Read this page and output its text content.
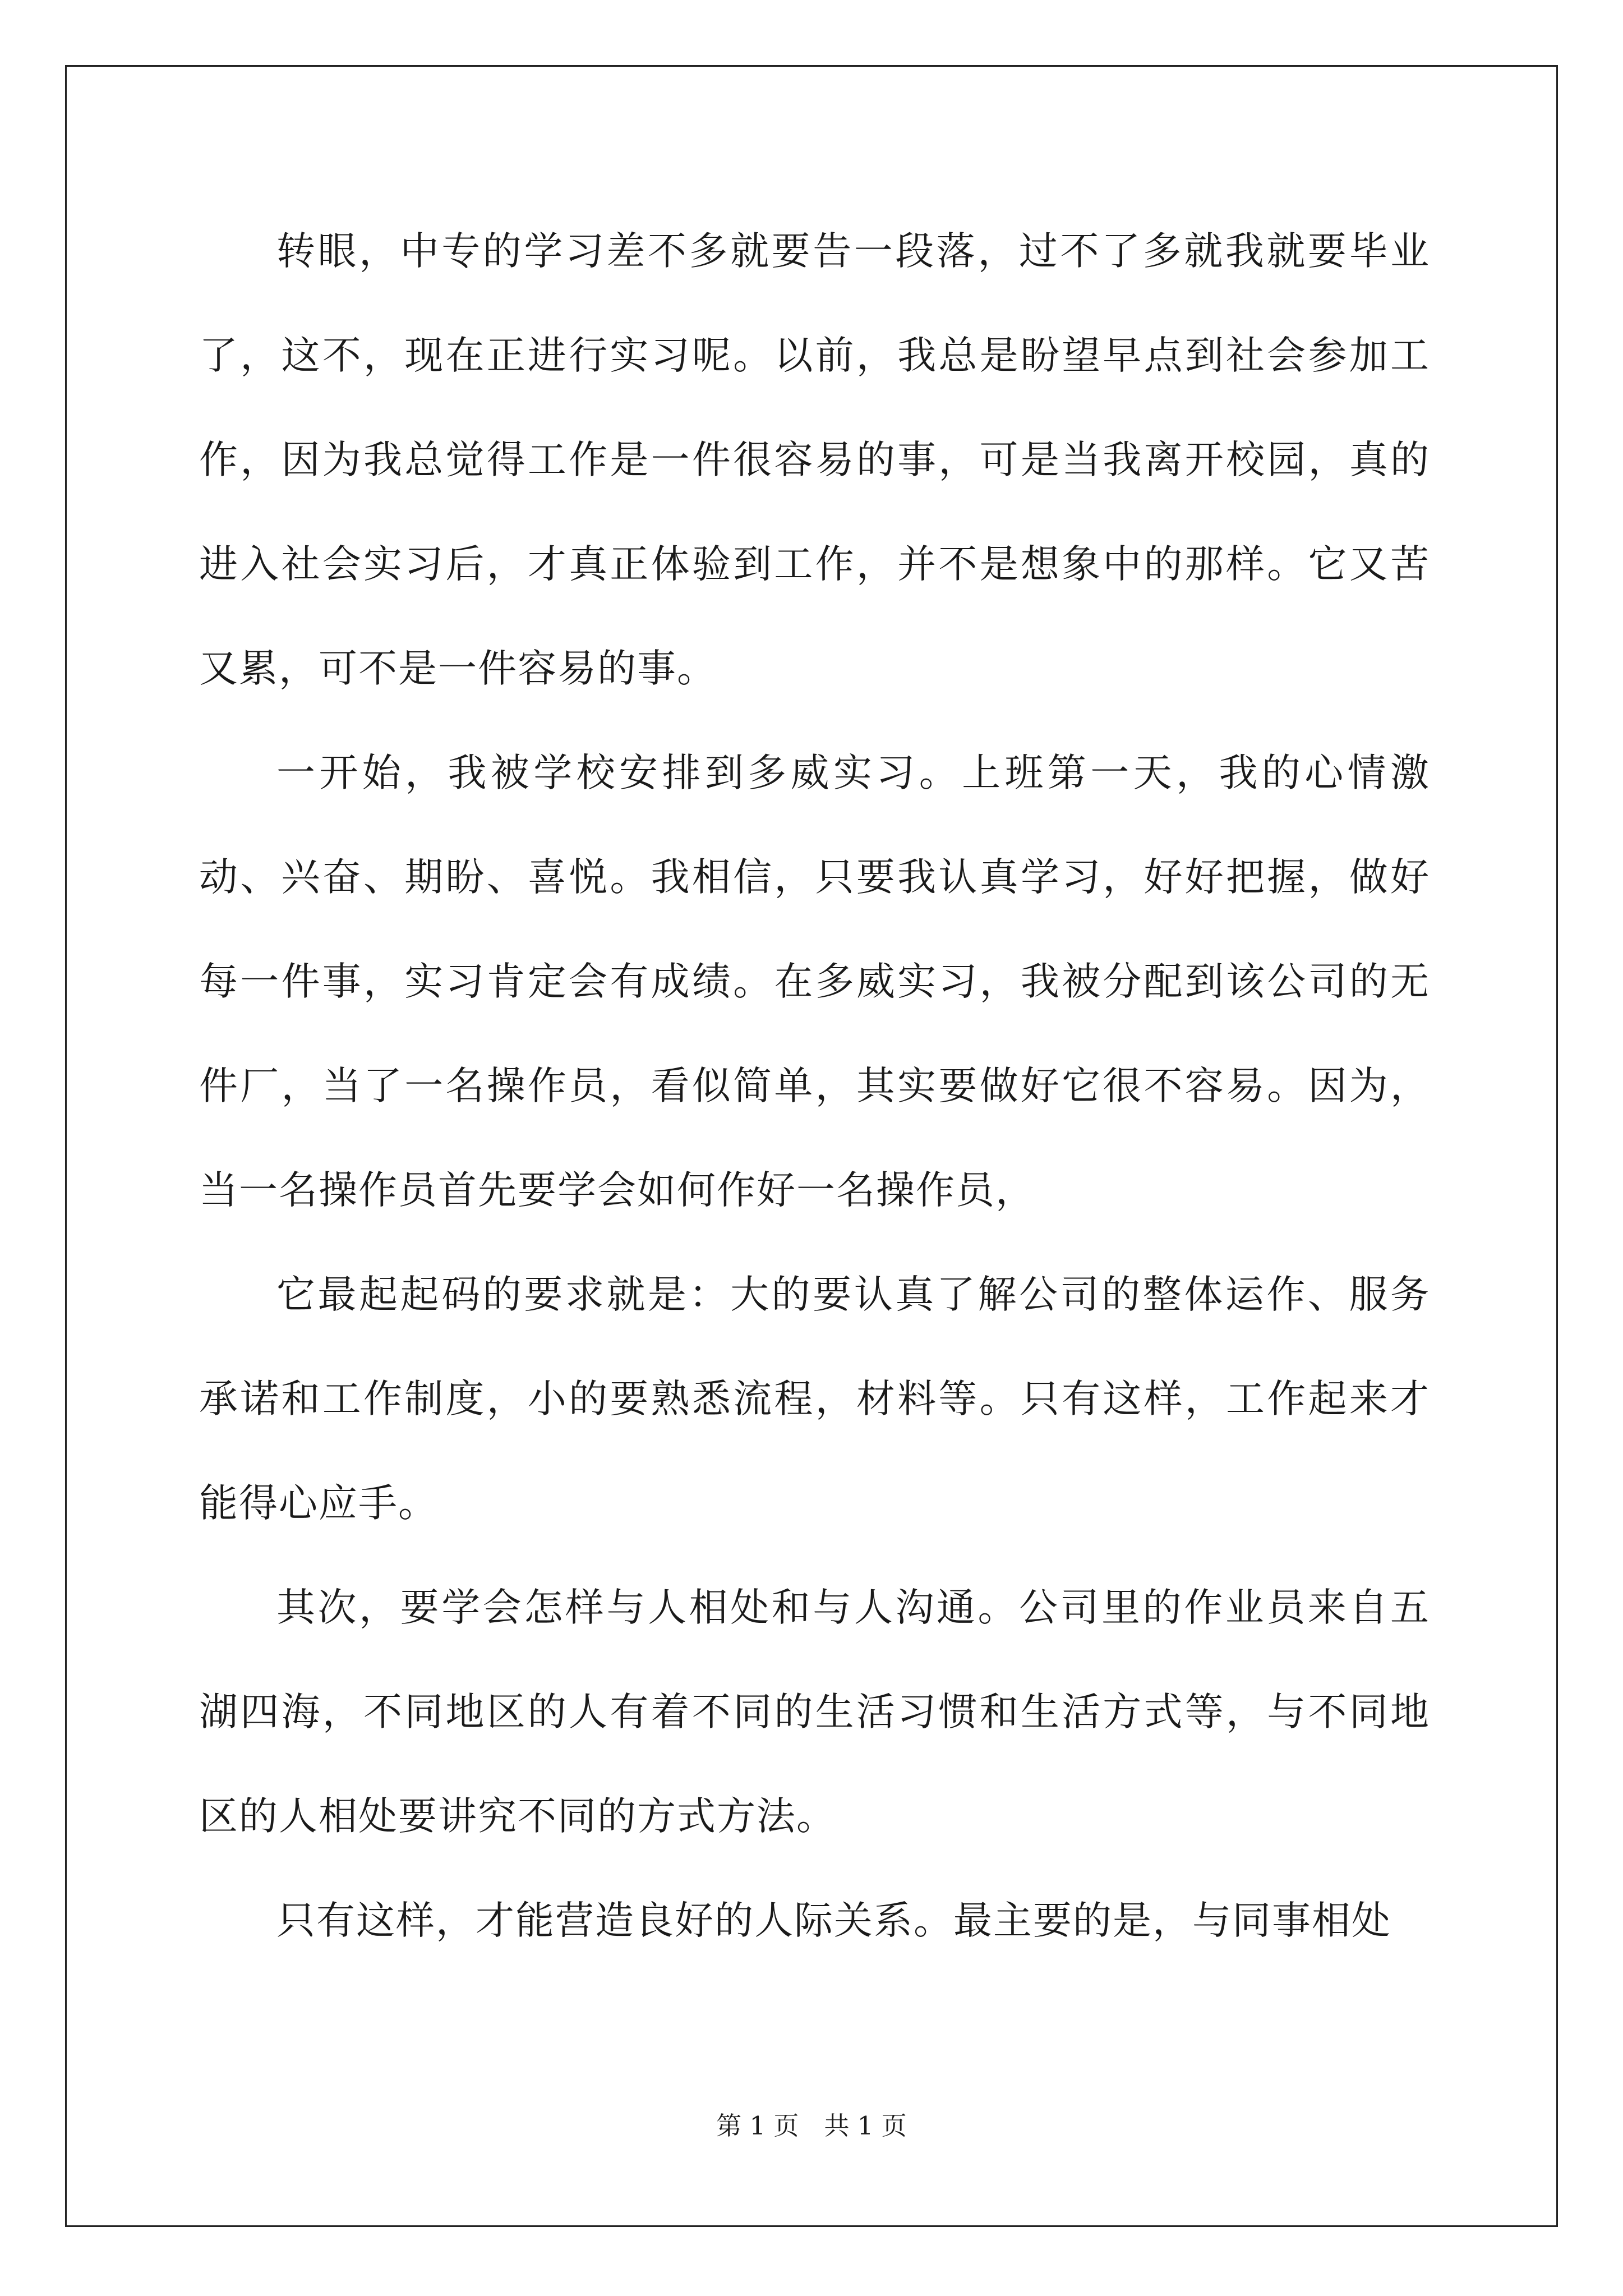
转眼，中专的学习差不多就要告一段落，过不了多就我就要毕业了，这不，现在正进行实习呢。以前，我总是盼望早点到社会参加工作，因为我总觉得工作是一件很容易的事，可是当我离开校园，真的进入社会实习后，才真正体验到工作，并不是想象中的那样。它又苦又累，可不是一件容易的事。

一开始，我被学校安排到多威实习。上班第一天，我的心情激动、兴奋、期盼、喜悦。我相信，只要我认真学习，好好把握，做好每一件事，实习肯定会有成绩。在多威实习，我被分配到该公司的无件厂，当了一名操作员，看似简单，其实要做好它很不容易。因为，当一名操作员首先要学会如何作好一名操作员，

它最起起码的要求就是：大的要认真了解公司的整体运作、服务承诺和工作制度，小的要熟悉流程，材料等。只有这样，工作起来才能得心应手。

其次，要学会怎样与人相处和与人沟通。公司里的作业员来自五湖四海，不同地区的人有着不同的生活习惯和生活方式等，与不同地区的人相处要讲究不同的方式方法。

只有这样，才能营造良好的人际关系。最主要的是，与同事相处

第 1 页　共 1 页
